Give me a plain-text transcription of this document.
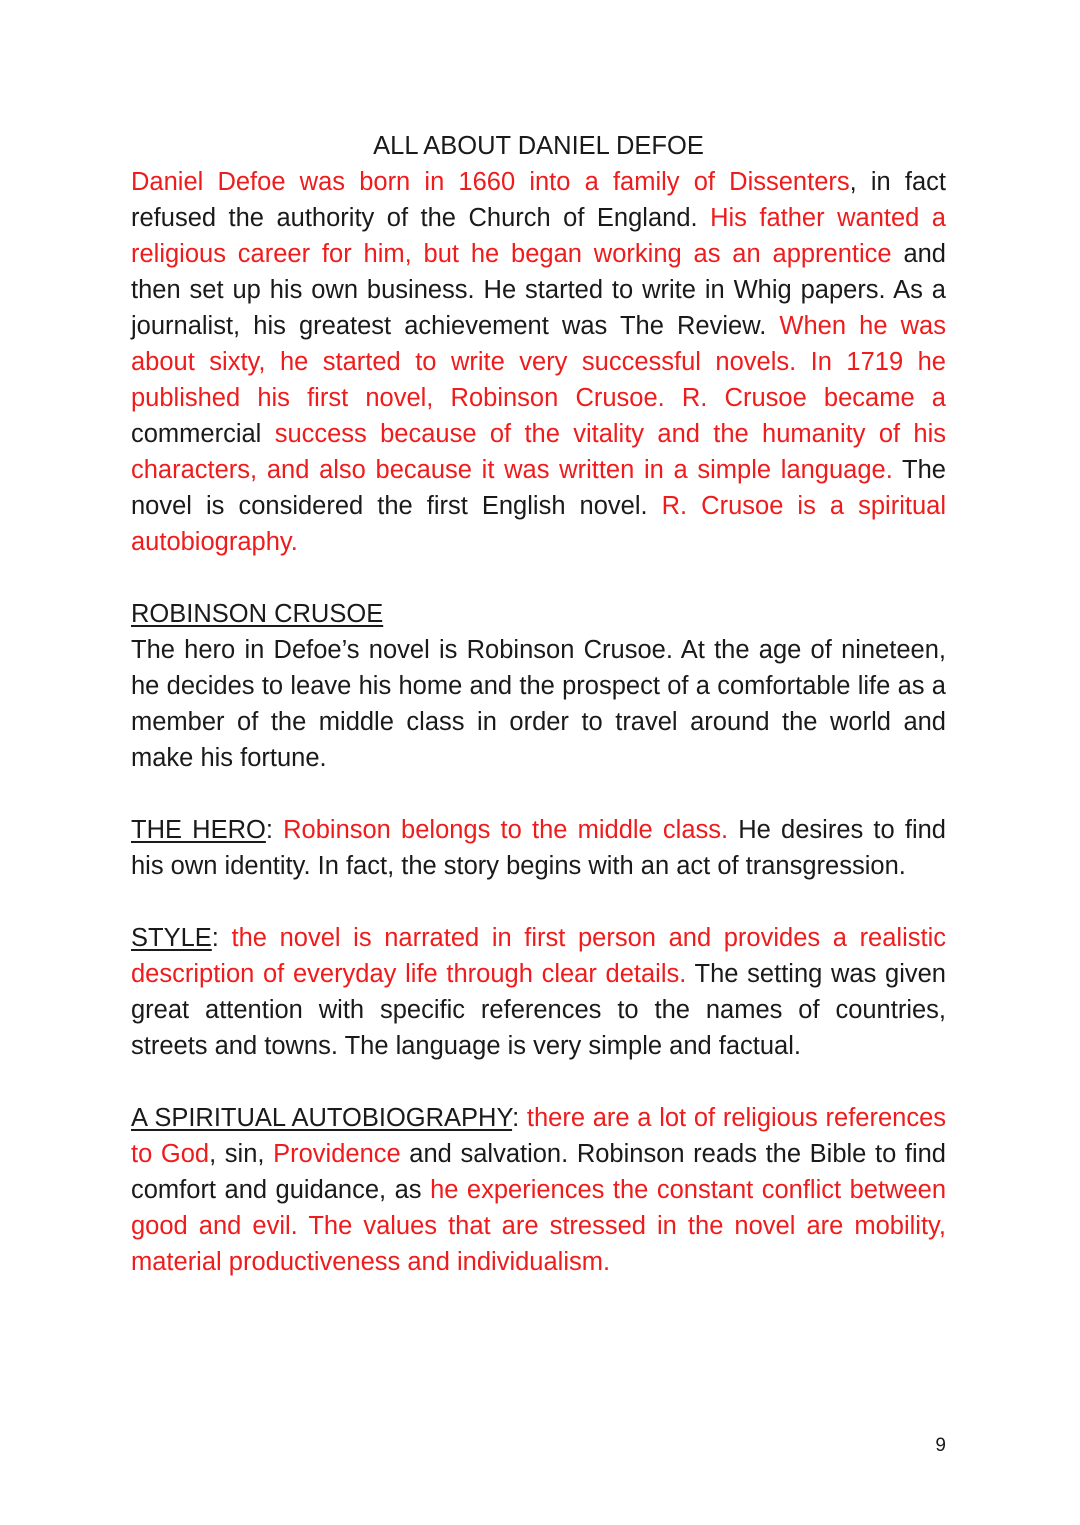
ALL ABOUT DANIEL DEFOE

Daniel Defoe was born in 1660 into a family of Dissenters, in fact refused the authority of the Church of England. His father wanted a religious career for him, but he began working as an apprentice and then set up his own business. He started to write in Whig papers. As a journalist, his greatest achievement was The Review. When he was about sixty, he started to write very successful novels. In 1719 he published his first novel, Robinson Crusoe. R. Crusoe became a commercial success because of the vitality and the humanity of his characters, and also because it was written in a simple language. The novel is considered the first English novel. R. Crusoe is a spiritual autobiography.

ROBINSON CRUSOE

The hero in Defoe’s novel is Robinson Crusoe. At the age of nineteen, he decides to leave his home and the prospect of a comfortable life as a member of the middle class in order to travel around the world and make his fortune.

THE HERO: Robinson belongs to the middle class. He desires to find his own identity. In fact, the story begins with an act of transgression.

STYLE: the novel is narrated in first person and provides a realistic description of everyday life through clear details. The setting was given great attention with specific references to the names of countries, streets and towns. The language is very simple and factual.

A SPIRITUAL AUTOBIOGRAPHY: there are a lot of religious references to God, sin, Providence and salvation. Robinson reads the Bible to find comfort and guidance, as he experiences the constant conflict between good and evil. The values that are stressed in the novel are mobility, material productiveness and individualism.

9
